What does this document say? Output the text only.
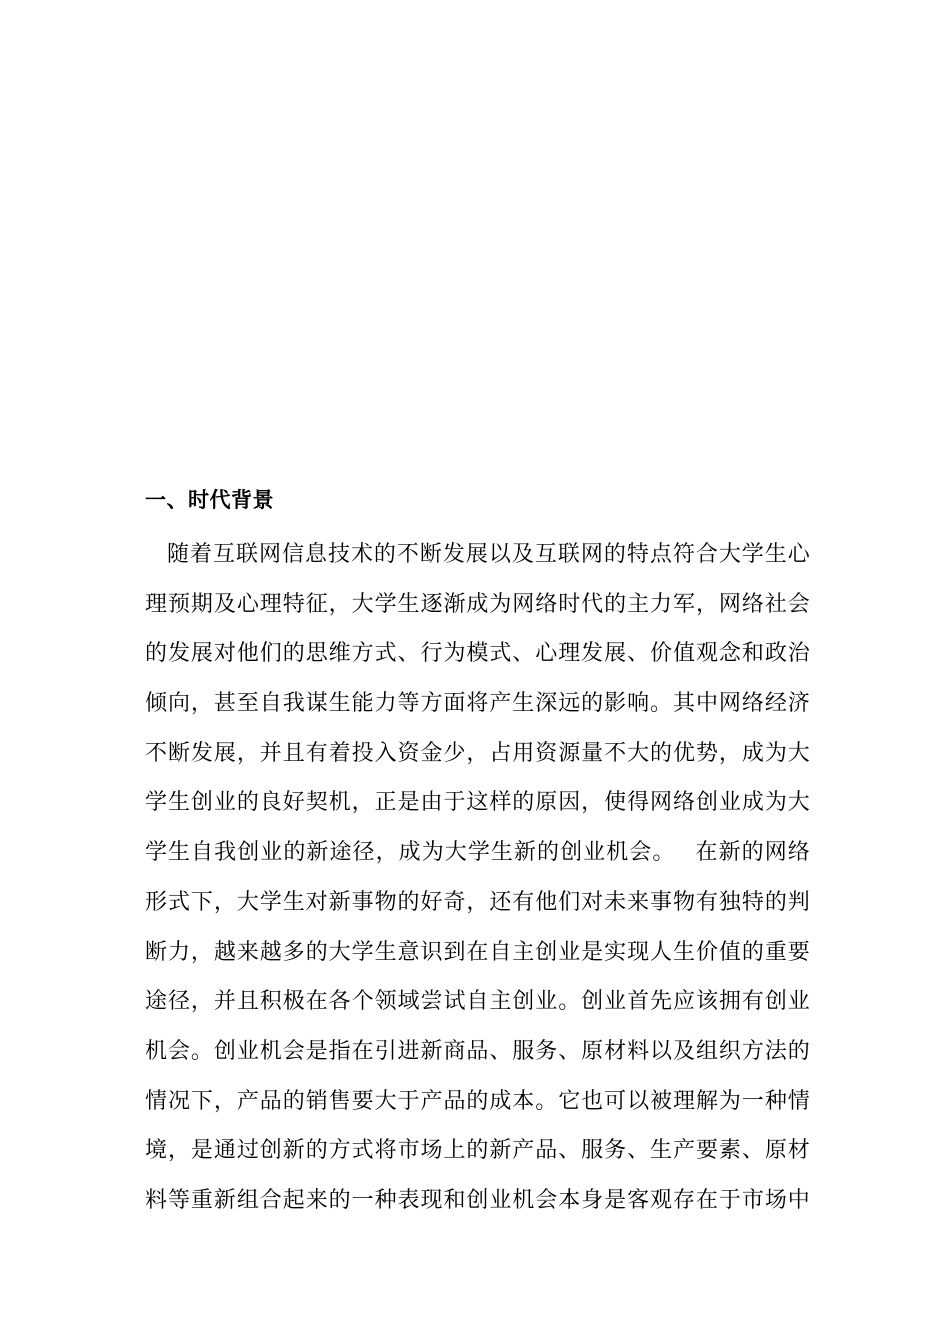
一、时代背景
随着互联网信息技术的不断发展以及互联网的特点符合大学生心
理预期及心理特征，大学生逐渐成为网络时代的主力军，网络社会
的发展对他们的思维方式、行为模式、心理发展、价值观念和政治
倾向，甚至自我谋生能力等方面将产生深远的影响。其中网络经济
不断发展，并且有着投入资金少，占用资源量不大的优势，成为大
学生创业的良好契机，正是由于这样的原因，使得网络创业成为大
学生自我创业的新途径，成为大学生新的创业机会。　 在新的网络
形式下，大学生对新事物的好奇，还有他们对未来事物有独特的判
断力，越来越多的大学生意识到在自主创业是实现人生价值的重要
途径，并且积极在各个领域尝试自主创业。创业首先应该拥有创业
机会。创业机会是指在引进新商品、服务、原材料以及组织方法的
情况下，产品的销售要大于产品的成本。它也可以被理解为一种情
境，是通过创新的方式将市场上的新产品、服务、生产要素、原材
料等重新组合起来的一种表现和创业机会本身是客观存在于市场中
